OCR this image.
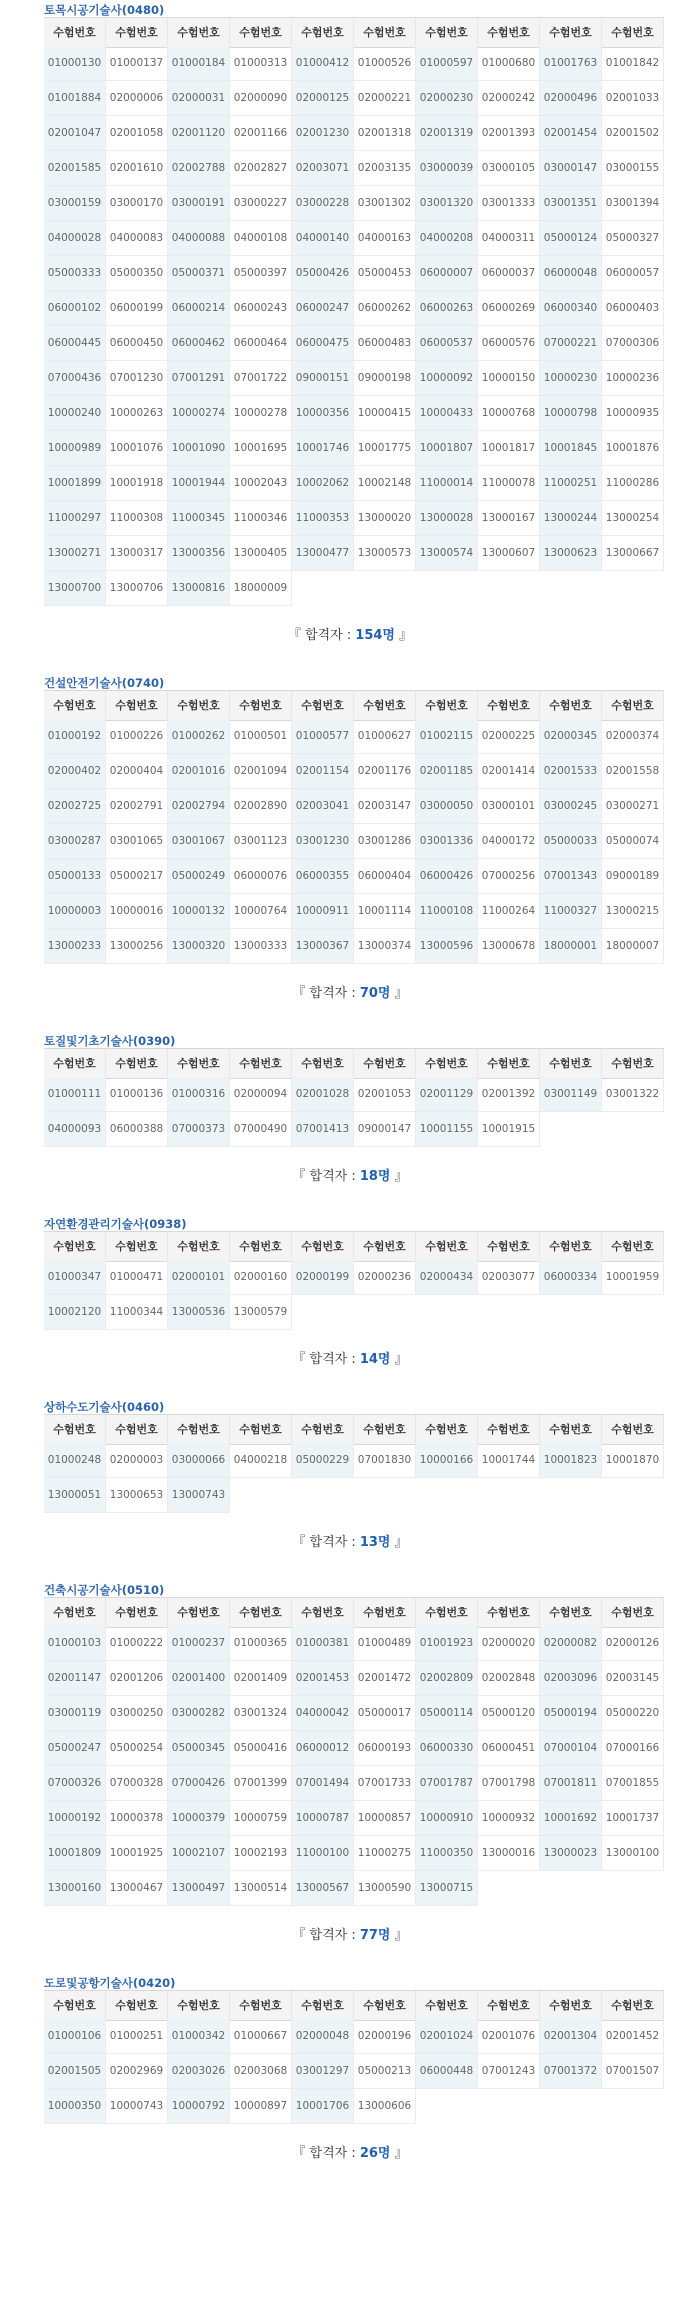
토목시공기술사(0480)
수험번호	수험번호	수험번호	수험번호	수험번호	수험번호	수험번호	수험번호	수험번호	수험번호
01000130 01000137 01000184 01000313 01000412 01000526 01000597 01000680 01001763 01001842
01001884 02000006 02000031 02000090 02000125 02000221 02000230 02000242 02000496 02001033
02001047 02001058 02001120 02001166 02001230 02001318 02001319 02001393 02001454 02001502
02001585 02001610 02002788 02002827 02003071 02003135 03000039 03000105 03000147 03000155
03000159 03000170 03000191 03000227 03000228 03001302 03001320 03001333 03001351 03001394
04000028 04000083 04000088 04000108 04000140 04000163 04000208 04000311 05000124 05000327
05000333 05000350 05000371 05000397 05000426 05000453 06000007 06000037 06000048 06000057
06000102 06000199 06000214 06000243 06000247 06000262 06000263 06000269 06000340 06000403
06000445 06000450 06000462 06000464 06000475 06000483 06000537 06000576 07000221 07000306
07000436 07001230 07001291 07001722 09000151 09000198 10000092 10000150 10000230 10000236
10000240 10000263 10000274 10000278 10000356 10000415 10000433 10000768 10000798 10000935
10000989 10001076 10001090 10001695 10001746 10001775 10001807 10001817 10001845 10001876
10001899 10001918 10001944 10002043 10002062 10002148 11000014 11000078 11000251 11000286
11000297 11000308 11000345 11000346 11000353 13000020 13000028 13000167 13000244 13000254
13000271 13000317 13000356 13000405 13000477 13000573 13000574 13000607 13000623 13000667
13000700 13000706 13000816 18000009
『 합격자 : 154명 』
건설안전기술사(0740)
수험번호	수험번호	수험번호	수험번호	수험번호	수험번호	수험번호	수험번호	수험번호	수험번호
01000192 01000226 01000262 01000501 01000577 01000627 01002115 02000225 02000345 02000374
02000402 02000404 02001016 02001094 02001154 02001176 02001185 02001414 02001533 02001558
02002725 02002791 02002794 02002890 02003041 02003147 03000050 03000101 03000245 03000271
03000287 03001065 03001067 03001123 03001230 03001286 03001336 04000172 05000033 05000074
05000133 05000217 05000249 06000076 06000355 06000404 06000426 07000256 07001343 09000189
10000003 10000016 10000132 10000764 10000911 10001114 11000108 11000264 11000327 13000215
13000233 13000256 13000320 13000333 13000367 13000374 13000596 13000678 18000001 18000007
『 합격자 : 70명 』
토질및기초기술사(0390)
수험번호	수험번호	수험번호	수험번호	수험번호	수험번호	수험번호	수험번호	수험번호	수험번호
01000111 01000136 01000316 02000094 02001028 02001053 02001129 02001392 03001149 03001322
04000093 06000388 07000373 07000490 07001413 09000147 10001155 10001915
『 합격자 : 18명 』
자연환경관리기술사(0938)
수험번호	수험번호	수험번호	수험번호	수험번호	수험번호	수험번호	수험번호	수험번호	수험번호
01000347 01000471 02000101 02000160 02000199 02000236 02000434 02003077 06000334 10001959
10002120 11000344 13000536 13000579
『 합격자 : 14명 』
상하수도기술사(0460)
수험번호	수험번호	수험번호	수험번호	수험번호	수험번호	수험번호	수험번호	수험번호	수험번호
01000248 02000003 03000066 04000218 05000229 07001830 10000166 10001744 10001823 10001870
13000051 13000653 13000743
『 합격자 : 13명 』
건축시공기술사(0510)
수험번호	수험번호	수험번호	수험번호	수험번호	수험번호	수험번호	수험번호	수험번호	수험번호
01000103 01000222 01000237 01000365 01000381 01000489 01001923 02000020 02000082 02000126
02001147 02001206 02001400 02001409 02001453 02001472 02002809 02002848 02003096 02003145
03000119 03000250 03000282 03001324 04000042 05000017 05000114 05000120 05000194 05000220
05000247 05000254 05000345 05000416 06000012 06000193 06000330 06000451 07000104 07000166
07000326 07000328 07000426 07001399 07001494 07001733 07001787 07001798 07001811 07001855
10000192 10000378 10000379 10000759 10000787 10000857 10000910 10000932 10001692 10001737
10001809 10001925 10002107 10002193 11000100 11000275 11000350 13000016 13000023 13000100
13000160 13000467 13000497 13000514 13000567 13000590 13000715
『 합격자 : 77명 』
도로및공항기술사(0420)
수험번호	수험번호	수험번호	수험번호	수험번호	수험번호	수험번호	수험번호	수험번호	수험번호
01000106 01000251 01000342 01000667 02000048 02000196 02001024 02001076 02001304 02001452
02001505 02002969 02003026 02003068 03001297 05000213 06000448 07001243 07001372 07001507
10000350 10000743 10000792 10000897 10001706 13000606
『 합격자 : 26명 』
